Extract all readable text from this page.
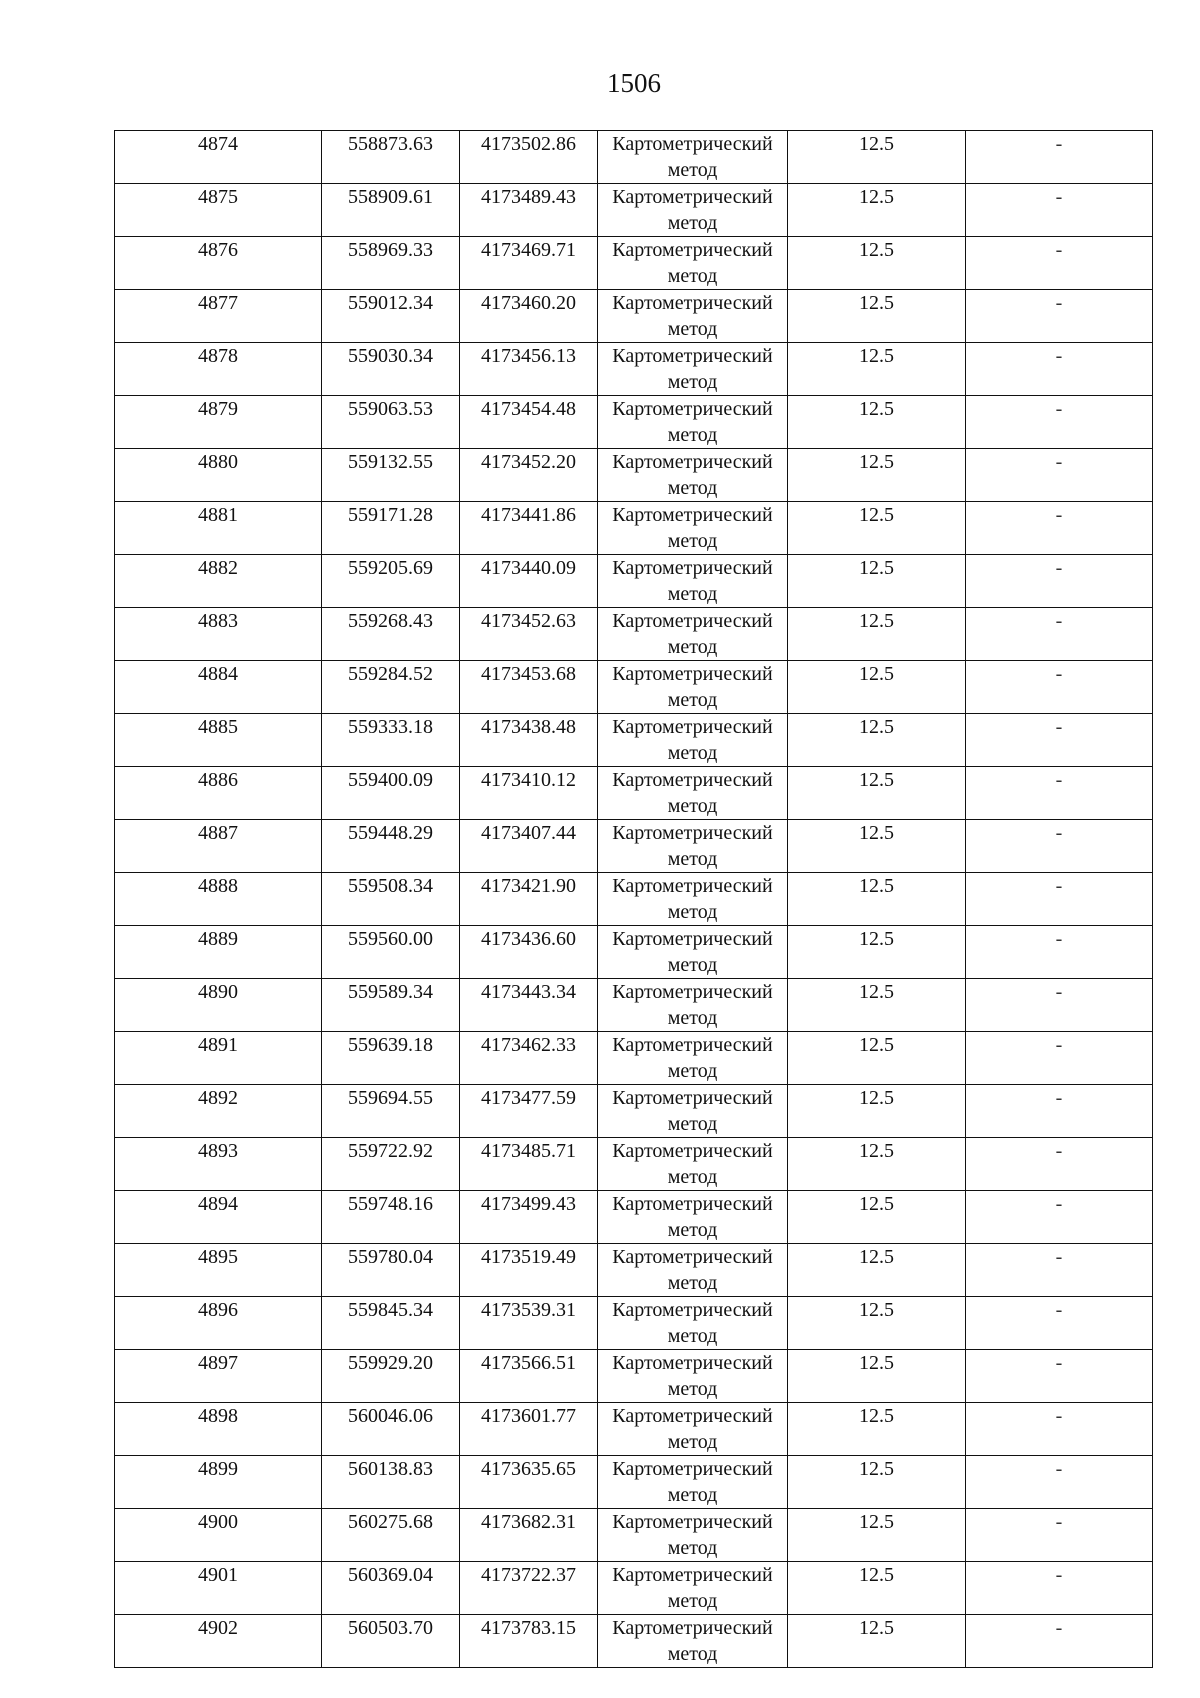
1506
4874	558873.63	4173502.86	Картометрический
метод	12.5	-
4875	558909.61	4173489.43	Картометрический
метод	12.5	-
4876	558969.33	4173469.71	Картометрический
метод	12.5	-
4877	559012.34	4173460.20	Картометрический
метод	12.5	-
4878	559030.34	4173456.13	Картометрический
метод	12.5	-
4879	559063.53	4173454.48	Картометрический
метод	12.5	-
4880	559132.55	4173452.20	Картометрический
метод	12.5	-
4881	559171.28	4173441.86	Картометрический
метод	12.5	-
4882	559205.69	4173440.09	Картометрический
метод	12.5	-
4883	559268.43	4173452.63	Картометрический
метод	12.5	-
4884	559284.52	4173453.68	Картометрический
метод	12.5	-
4885	559333.18	4173438.48	Картометрический
метод	12.5	-
4886	559400.09	4173410.12	Картометрический
метод	12.5	-
4887	559448.29	4173407.44	Картометрический
метод	12.5	-
4888	559508.34	4173421.90	Картометрический
метод	12.5	-
4889	559560.00	4173436.60	Картометрический
метод	12.5	-
4890	559589.34	4173443.34	Картометрический
метод	12.5	-
4891	559639.18	4173462.33	Картометрический
метод	12.5	-
4892	559694.55	4173477.59	Картометрический
метод	12.5	-
4893	559722.92	4173485.71	Картометрический
метод	12.5	-
4894	559748.16	4173499.43	Картометрический
метод	12.5	-
4895	559780.04	4173519.49	Картометрический
метод	12.5	-
4896	559845.34	4173539.31	Картометрический
метод	12.5	-
4897	559929.20	4173566.51	Картометрический
метод	12.5	-
4898	560046.06	4173601.77	Картометрический
метод	12.5	-
4899	560138.83	4173635.65	Картометрический
метод	12.5	-
4900	560275.68	4173682.31	Картометрический
метод	12.5	-
4901	560369.04	4173722.37	Картометрический
метод	12.5	-
4902	560503.70	4173783.15	Картометрический
метод	12.5	-
